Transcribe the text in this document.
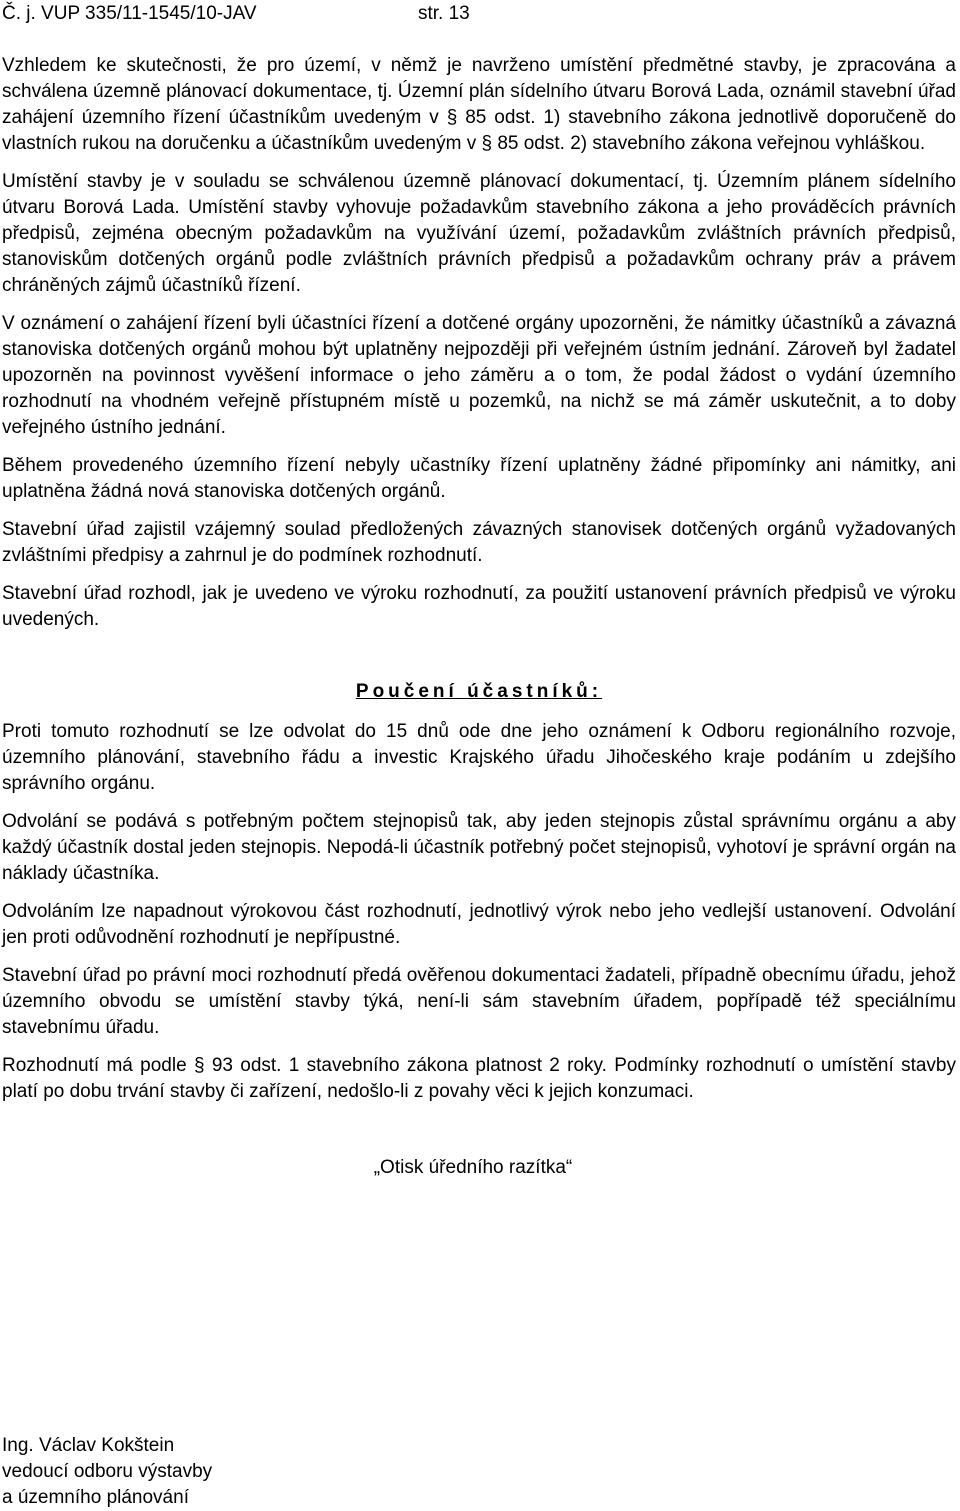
Č. j. VUP 335/11-1545/10-JAV	str. 13

Vzhledem ke skutečnosti, že pro území, v němž je navrženo umístění předmětné stavby, je zpracována a schválena územně plánovací dokumentace, tj. Územní plán sídelního útvaru Borová Lada, oznámil stavební úřad zahájení územního řízení účastníkům uvedeným v § 85 odst. 1) stavebního zákona jednotlivě doporučeně do vlastních rukou na doručenku a účastníkům uvedeným v § 85 odst. 2) stavebního zákona veřejnou vyhláškou.

Umístění stavby je v souladu se schválenou územně plánovací dokumentací, tj. Územním plánem sídelního útvaru Borová Lada. Umístění stavby vyhovuje požadavkům stavebního zákona a jeho prováděcích právních předpisů, zejména obecným požadavkům na využívání území, požadavkům zvláštních právních předpisů, stanoviskům dotčených orgánů podle zvláštních právních předpisů a požadavkům ochrany práv a právem chráněných zájmů účastníků řízení.

V oznámení o zahájení řízení byli účastníci řízení a dotčené orgány upozorněni, že námitky účastníků a závazná stanoviska dotčených orgánů mohou být uplatněny nejpozději při veřejném ústním jednání. Zároveň byl žadatel upozorněn na povinnost vyvěšení informace o jeho záměru a o tom, že podal žádost o vydání územního rozhodnutí na vhodném veřejně přístupném místě u pozemků, na nichž se má záměr uskutečnit, a to doby veřejného ústního jednání.

Během provedeného územního řízení nebyly učastníky řízení uplatněny žádné připomínky ani námitky, ani uplatněna žádná nová stanoviska dotčených orgánů.

Stavební úřad zajistil vzájemný soulad předložených závazných stanovisek dotčených orgánů vyžadovaných zvláštními předpisy a zahrnul je do podmínek rozhodnutí.

Stavební úřad rozhodl, jak je uvedeno ve výroku rozhodnutí, za použití ustanovení právních předpisů ve výroku uvedených.

Poučení účastníků:

Proti tomuto rozhodnutí se lze odvolat do 15 dnů ode dne jeho oznámení k Odboru regionálního rozvoje, územního plánování, stavebního řádu a investic Krajského úřadu Jihočeského kraje podáním u zdejšího správního orgánu.

Odvolání se podává s potřebným počtem stejnopisů tak, aby jeden stejnopis zůstal správnímu orgánu a aby každý účastník dostal jeden stejnopis. Nepodá-li účastník potřebný počet stejnopisů, vyhotoví je správní orgán na náklady účastníka.

Odvoláním lze napadnout výrokovou část rozhodnutí, jednotlivý výrok nebo jeho vedlejší ustanovení. Odvolání jen proti odůvodnění rozhodnutí je nepřípustné.

Stavební úřad po právní moci rozhodnutí předá ověřenou dokumentaci žadateli, případně obecnímu úřadu, jehož územního obvodu se umístění stavby týká, není-li sám stavebním úřadem, popřípadě též speciálnímu stavebnímu úřadu.

Rozhodnutí má podle § 93 odst. 1 stavebního zákona platnost 2 roky. Podmínky rozhodnutí o umístění stavby platí po dobu trvání stavby či zařízení, nedošlo-li z povahy věci k jejich konzumaci.

„Otisk úředního razítka“
Ing. Václav Kokštein
vedoucí odboru výstavby
a územního plánování
